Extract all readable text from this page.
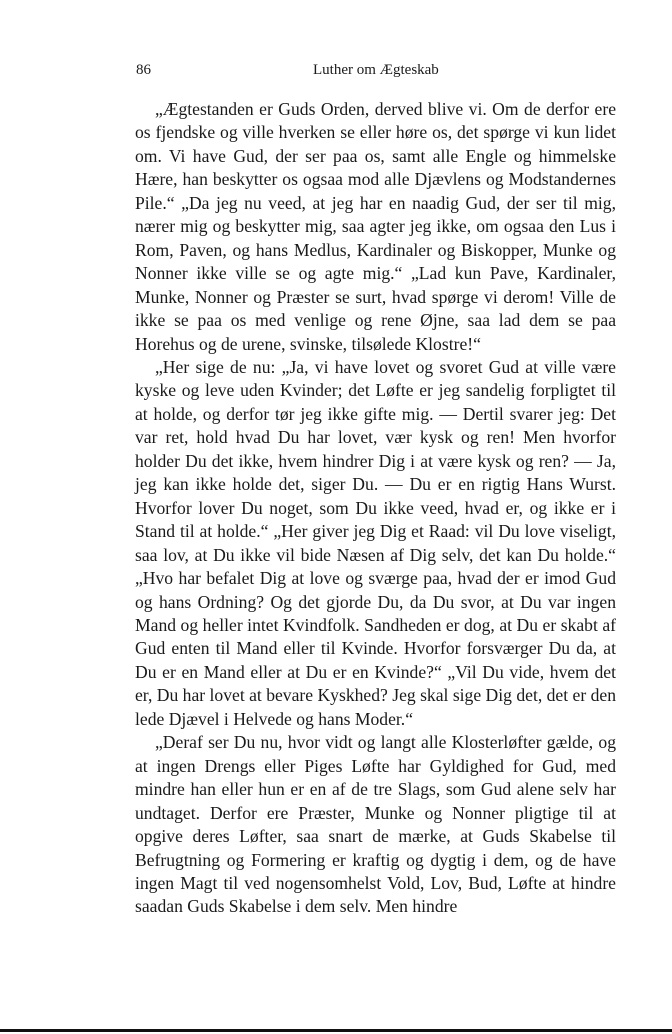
86	Luther om Ægteskab

„Ægtestanden er Guds Orden, derved blive vi. Om de derfor ere os fjendske og ville hverken se eller høre os, det spørge vi kun lidet om. Vi have Gud, der ser paa os, samt alle Engle og himmelske Hære, han beskytter os ogsaa mod alle Djævlens og Modstandernes Pile.“ „Da jeg nu veed, at jeg har en naadig Gud, der ser til mig, nærer mig og beskytter mig, saa agter jeg ikke, om ogsaa den Lus i Rom, Paven, og hans Medlus, Kardinaler og Biskopper, Munke og Nonner ikke ville se og agte mig.“ „Lad kun Pave, Kardinaler, Munke, Nonner og Præster se surt, hvad spørge vi derom! Ville de ikke se paa os med venlige og rene Øjne, saa lad dem se paa Horehus og de urene, svinske, tilsølede Klostre!“

„Her sige de nu: „Ja, vi have lovet og svoret Gud at ville være kyske og leve uden Kvinder; det Løfte er jeg sandelig forpligtet til at holde, og derfor tør jeg ikke gifte mig. — Dertil svarer jeg: Det var ret, hold hvad Du har lovet, vær kysk og ren! Men hvorfor holder Du det ikke, hvem hindrer Dig i at være kysk og ren? — Ja, jeg kan ikke holde det, siger Du. — Du er en rigtig Hans Wurst. Hvorfor lover Du noget, som Du ikke veed, hvad er, og ikke er i Stand til at holde.“ „Her giver jeg Dig et Raad: vil Du love viseligt, saa lov, at Du ikke vil bide Næsen af Dig selv, det kan Du holde.“ „Hvo har befalet Dig at love og sværge paa, hvad der er imod Gud og hans Ordning? Og det gjorde Du, da Du svor, at Du var ingen Mand og heller intet Kvindfolk. Sandheden er dog, at Du er skabt af Gud enten til Mand eller til Kvinde. Hvorfor forsværger Du da, at Du er en Mand eller at Du er en Kvinde?“ „Vil Du vide, hvem det er, Du har lovet at bevare Kyskhed? Jeg skal sige Dig det, det er den lede Djævel i Helvede og hans Moder.“

„Deraf ser Du nu, hvor vidt og langt alle Klosterløfter gælde, og at ingen Drengs eller Piges Løfte har Gyldighed for Gud, med mindre han eller hun er en af de tre Slags, som Gud alene selv har undtaget. Derfor ere Præster, Munke og Nonner pligtige til at opgive deres Løfter, saa snart de mærke, at Guds Skabelse til Befrugtning og Formering er kraftig og dygtig i dem, og de have ingen Magt til ved nogensomhelst Vold, Lov, Bud, Løfte at hindre saadan Guds Skabelse i dem selv. Men hindre
